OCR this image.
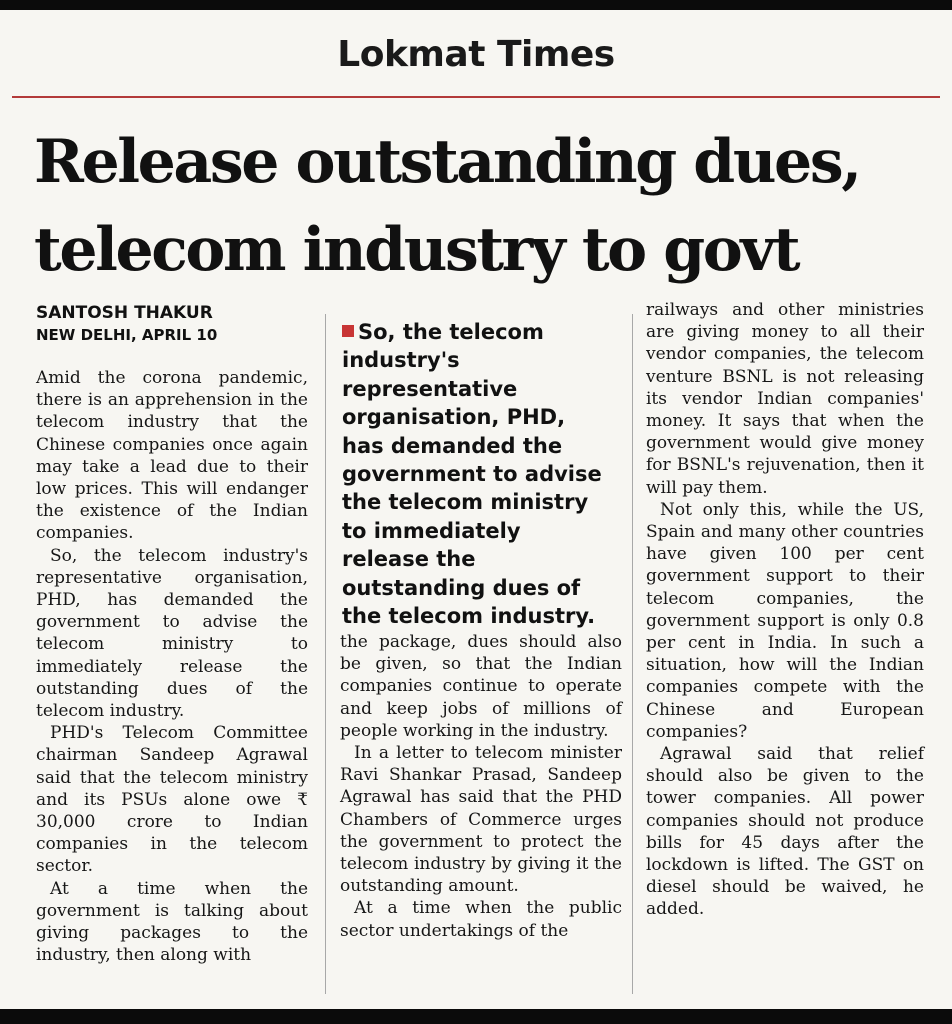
Lokmat Times
Release outstanding dues, telecom industry to govt
SANTOSH THAKUR
NEW DELHI, APRIL 10

Amid the corona pandemic, there is an apprehension in the telecom industry that the Chinese companies once again may take a lead due to their low prices. This will endanger the existence of the Indian companies.

So, the telecom industry's representative organisation, PHD, has demanded the government to advise the telecom ministry to immediately release the outstanding dues of the telecom industry.

PHD's Telecom Committee chairman Sandeep Agrawal said that the telecom ministry and its PSUs alone owe ₹ 30,000 crore to Indian companies in the telecom sector.

At a time when the government is talking about giving packages to the industry, then along with

So, the telecom industry's representative organisation, PHD, has demanded the government to advise the telecom ministry to immediately release the outstanding dues of the telecom industry.

the package, dues should also be given, so that the Indian companies continue to operate and keep jobs of millions of people working in the industry.

In a letter to telecom minister Ravi Shankar Prasad, Sandeep Agrawal has said that the PHD Chambers of Commerce urges the government to protect the telecom industry by giving it the outstanding amount.

At a time when the public sector undertakings of the

railways and other ministries are giving money to all their vendor companies, the telecom venture BSNL is not releasing its vendor Indian companies' money. It says that when the government would give money for BSNL's rejuvenation, then it will pay them.

Not only this, while the US, Spain and many other countries have given 100 per cent government support to their telecom companies, the government support is only 0.8 per cent in India. In such a situation, how will the Indian companies compete with the Chinese and European companies?

Agrawal said that relief should also be given to the tower companies. All power companies should not produce bills for 45 days after the lockdown is lifted. The GST on diesel should be waived, he added.
